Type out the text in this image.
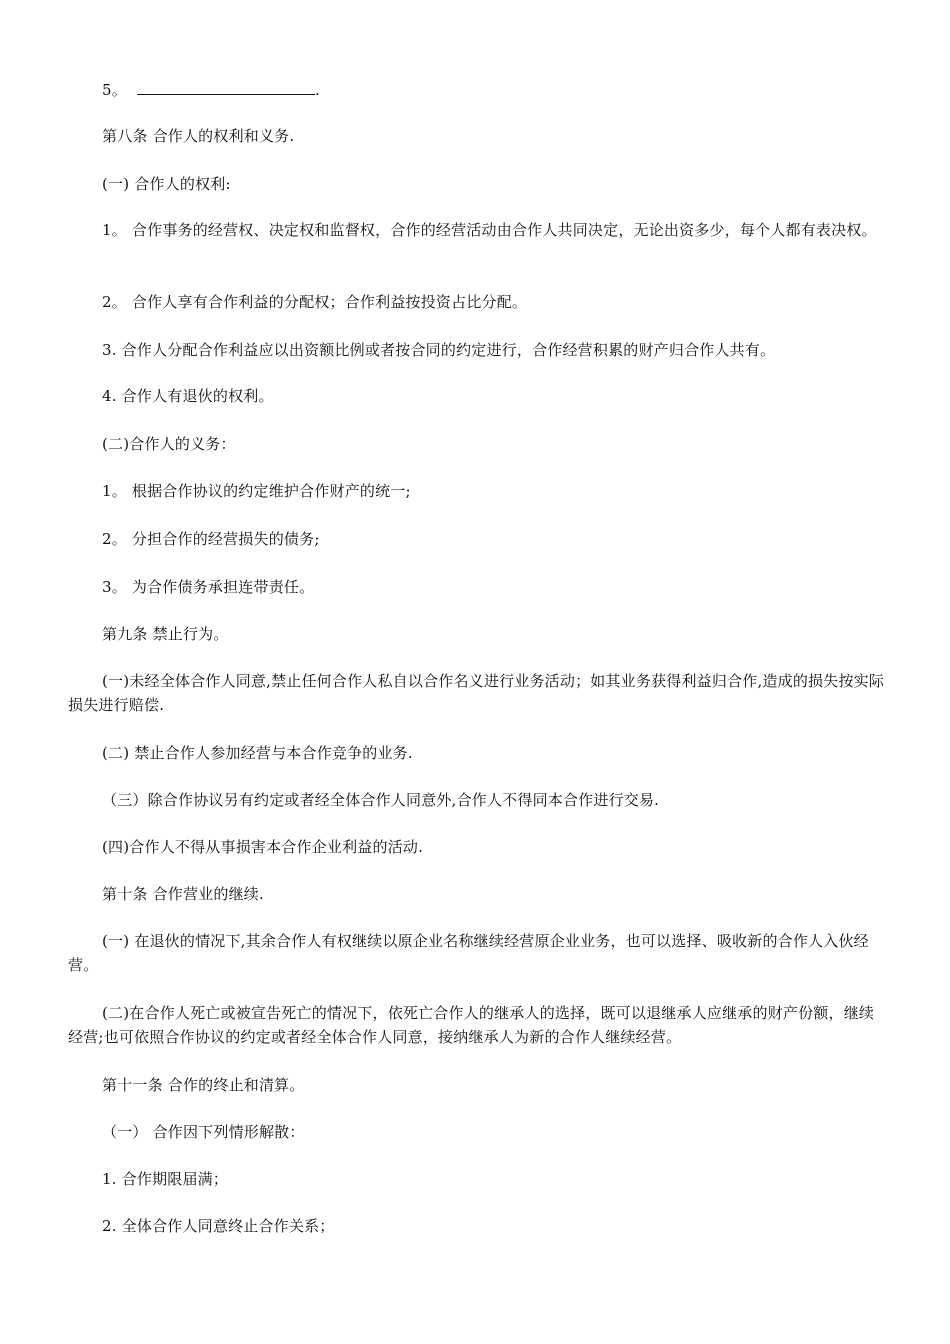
5。	.

第八条 合作人的权利和义务.

(一) 合作人的权利:

1。 合作事务的经营权、决定权和监督权，合作的经营活动由合作人共同决定，无论出资多少，每个人都有表决权。

2。 合作人享有合作利益的分配权；合作利益按投资占比分配。

3. 合作人分配合作利益应以出资额比例或者按合同的约定进行，合作经营积累的财产归合作人共有。

4. 合作人有退伙的权利。

(二)合作人的义务：

1。 根据合作协议的约定维护合作财产的统一;

2。 分担合作的经营损失的债务;

3。 为合作债务承担连带责任。

第九条 禁止行为。

(一)未经全体合作人同意,禁止任何合作人私自以合作名义进行业务活动；如其业务获得利益归合作,造成的损失按实际损失进行赔偿.

(二) 禁止合作人参加经营与本合作竞争的业务.

（三）除合作协议另有约定或者经全体合作人同意外,合作人不得同本合作进行交易.

(四)合作人不得从事损害本合作企业利益的活动.

第十条 合作营业的继续.

(一) 在退伙的情况下,其余合作人有权继续以原企业名称继续经营原企业业务，也可以选择、吸收新的合作人入伙经营。

(二)在合作人死亡或被宣告死亡的情况下，依死亡合作人的继承人的选择，既可以退继承人应继承的财产份额，继续经营;也可依照合作协议的约定或者经全体合作人同意，接纳继承人为新的合作人继续经营。

第十一条 合作的终止和清算。

（一） 合作因下列情形解散：

1. 合作期限届满；

2. 全体合作人同意终止合作关系；
